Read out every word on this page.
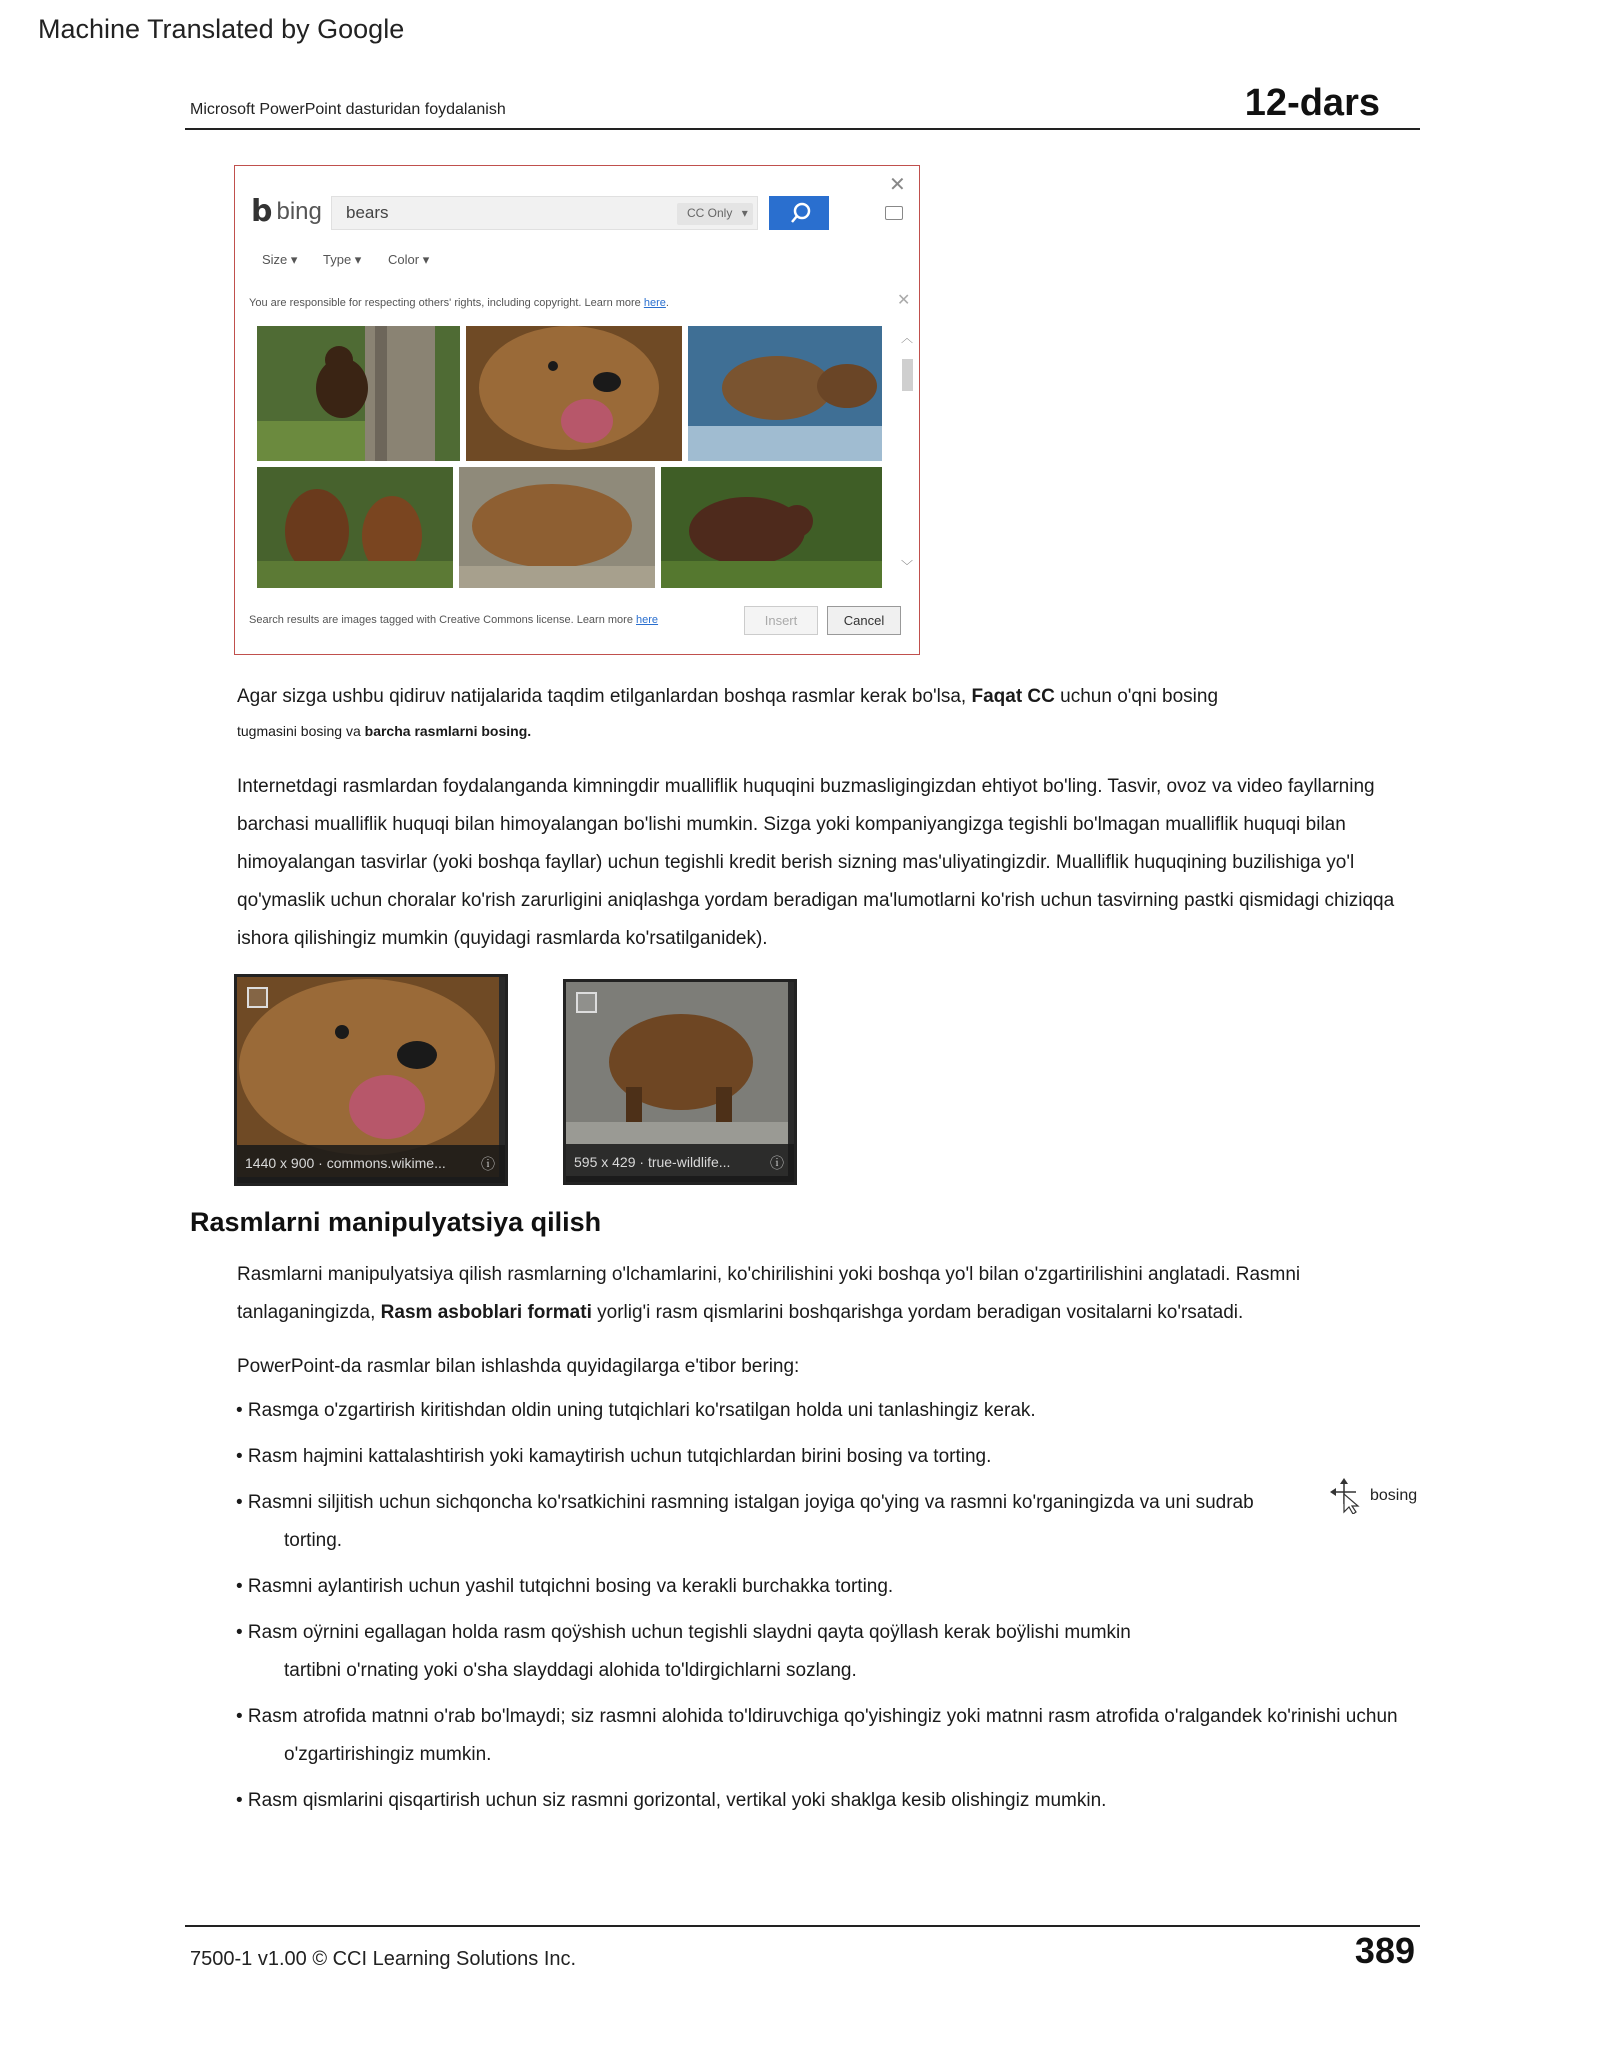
Machine Translated by Google
Microsoft PowerPoint dasturidan foydalanish	12-dars
b bing bears	CC Only ▾
✕
Size ▾ Type ▾ Color ▾
You are responsible for respecting others' rights, including copyright. Learn more here.	✕
︿
﹀
Search results are images tagged with Creative Commons license. Learn more here	Insert	Cancel
Agar sizga ushbu qidiruv natijalarida taqdim etilganlardan boshqa rasmlar kerak bo'lsa, Faqat CC uchun o'qni bosing
tugmasini bosing va barcha rasmlarni bosing.
Internetdagi rasmlardan foydalanganda kimningdir mualliflik huquqini buzmasligingizdan ehtiyot bo'ling. Tasvir, ovoz va video fayllarning
barchasi mualliflik huquqi bilan himoyalangan bo'lishi mumkin. Sizga yoki kompaniyangizga tegishli bo'lmagan mualliflik huquqi bilan
himoyalangan tasvirlar (yoki boshqa fayllar) uchun tegishli kredit berish sizning mas'uliyatingizdir. Mualliflik huquqining buzilishiga yo'l
qo'ymaslik uchun choralar ko'rish zarurligini aniqlashga yordam beradigan ma'lumotlarni ko'rish uchun tasvirning pastki qismidagi chiziqqa
ishora qilishingiz mumkin (quyidagi rasmlarda ko'rsatilganidek).
1440 x 900 · commons.wikime...	ⓘ	595 x 429 · true-wildlife...	ⓘ
Rasmlarni manipulyatsiya qilish
Rasmlarni manipulyatsiya qilish rasmlarning o'lchamlarini, ko'chirilishini yoki boshqa yo'l bilan o'zgartirilishini anglatadi. Rasmni
tanlaganingizda, Rasm asboblari formati yorlig'i rasm qismlarini boshqarishga yordam beradigan vositalarni ko'rsatadi.
PowerPoint-da rasmlar bilan ishlashda quyidagilarga e'tibor bering:
• Rasmga o'zgartirish kiritishdan oldin uning tutqichlari ko'rsatilgan holda uni tanlashingiz kerak.
• Rasm hajmini kattalashtirish yoki kamaytirish uchun tutqichlardan birini bosing va torting.
• Rasmni siljitish uchun sichqoncha ko'rsatkichini rasmning istalgan joyiga qo'ying va rasmni ko'rganingizda va uni sudrab
torting.
• Rasmni aylantirish uchun yashil tutqichni bosing va kerakli burchakka torting.
• Rasm oÿrnini egallagan holda rasm qoÿshish uchun tegishli slaydni qayta qoÿllash kerak boÿlishi mumkin
tartibni o'rnating yoki o'sha slayddagi alohida to'ldirgichlarni sozlang.
• Rasm atrofida matnni o'rab bo'lmaydi; siz rasmni alohida to'ldiruvchiga qo'yishingiz yoki matnni rasm atrofida o'ralgandek ko'rinishi uchun
o'zgartirishingiz mumkin.
• Rasm qismlarini qisqartirish uchun siz rasmni gorizontal, vertikal yoki shaklga kesib olishingiz mumkin.
bosing
7500-1 v1.00 © CCI Learning Solutions Inc.	389
